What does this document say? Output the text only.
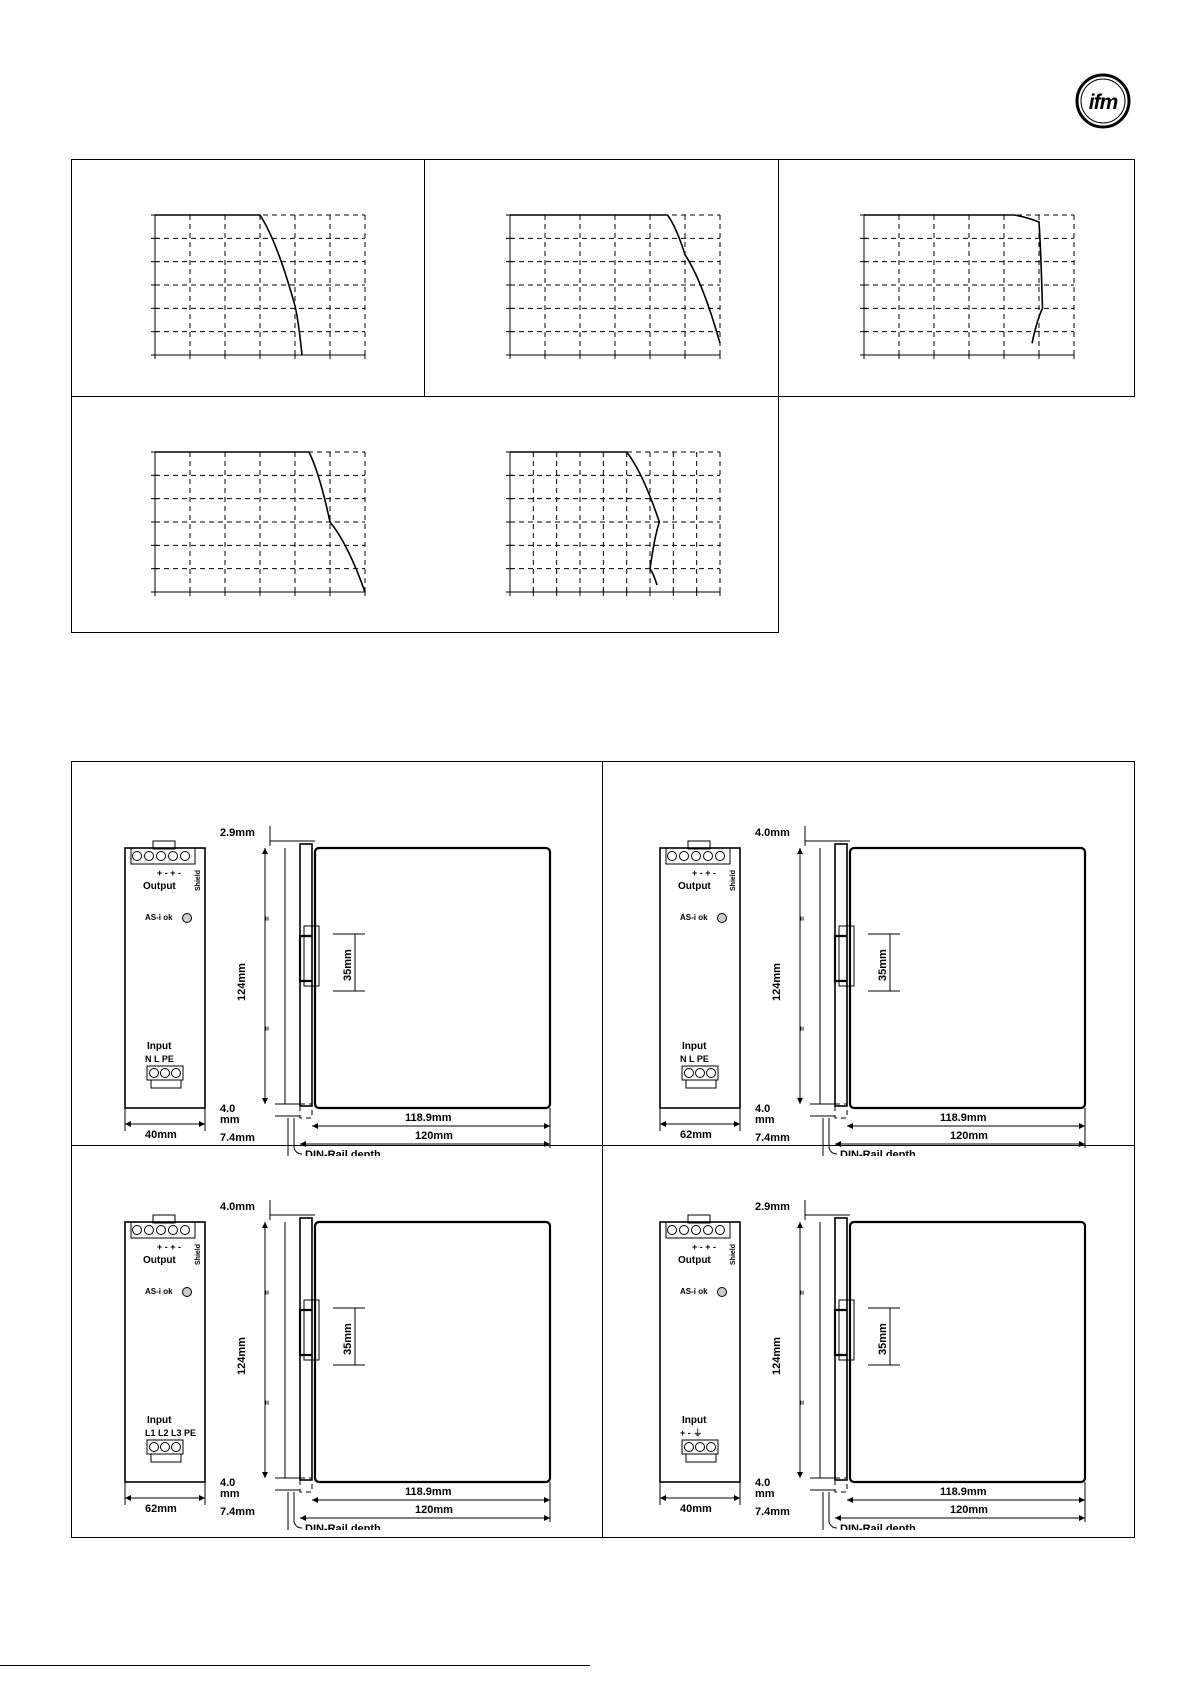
ifm
+ - + -
Output	Shield
AS-i ok
Input
N L PE
40mm
2.9mm
124mm
=
=
35mm
4.0
mm
7.4mm
118.9mm
120mm
DIN-Rail depth
+ - + -
Output	Shield
AS-i ok
Input
N L PE
62mm
4.0mm
124mm
=
=
35mm
4.0
mm
7.4mm
118.9mm
120mm
DIN-Rail depth
+ - + -
Output	Shield
AS-i ok
Input
L1 L2 L3 PE
62mm
4.0mm
124mm
=
=
35mm
4.0
mm
7.4mm
118.9mm
120mm
DIN-Rail depth
+ - + -
Output	Shield
AS-i ok
Input
+ - ⏚
40mm
2.9mm
124mm
=
=
35mm
4.0
mm
7.4mm
118.9mm
120mm
DIN-Rail depth
